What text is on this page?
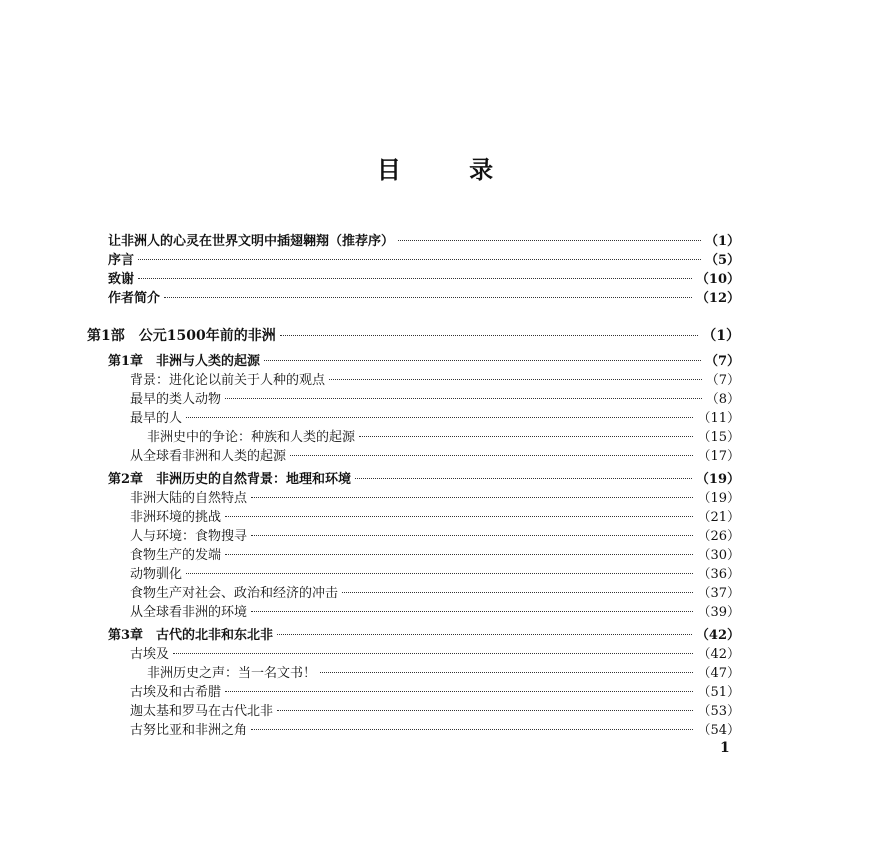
目 录
让非洲人的心灵在世界文明中插翅翱翔（推荐序）	（1）
序言	（5）
致谢	（10）
作者简介	（12）
第1部　公元1500年前的非洲	（1）
第1章　非洲与人类的起源	（7）
背景：进化论以前关于人种的观点	（7）
最早的类人动物	（8）
最早的人	（11）
非洲史中的争论：种族和人类的起源	（15）
从全球看非洲和人类的起源	（17）
第2章　非洲历史的自然背景：地理和环境	（19）
非洲大陆的自然特点	（19）
非洲环境的挑战	（21）
人与环境：食物搜寻	（26）
食物生产的发端	（30）
动物驯化	（36）
食物生产对社会、政治和经济的冲击	（37）
从全球看非洲的环境	（39）
第3章　古代的北非和东北非	（42）
古埃及	（42）
非洲历史之声：当一名文书！	（47）
古埃及和古希腊	（51）
迦太基和罗马在古代北非	（53）
古努比亚和非洲之角	（54）
1
